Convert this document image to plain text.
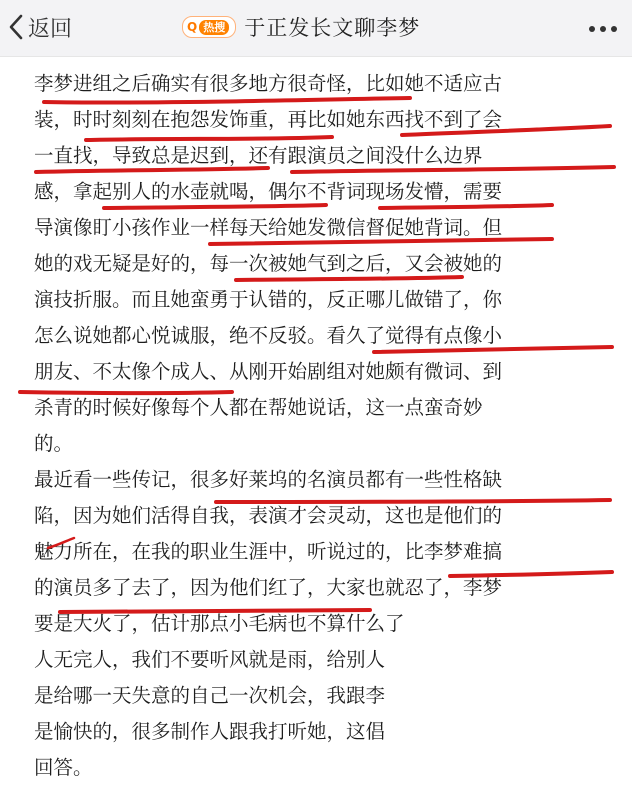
返回	Q 热搜 于正发长文聊李梦
李梦进组之后确实有很多地方很奇怪，比如她不适应古
装，时时刻刻在抱怨发饰重，再比如她东西找不到了会
一直找，导致总是迟到，还有跟演员之间没什么边界
感，拿起别人的水壶就喝，偶尔不背词现场发懵，需要
导演像盯小孩作业一样每天给她发微信督促她背词。但
她的戏无疑是好的，每一次被她气到之后，又会被她的
演技折服。而且她蛮勇于认错的，反正哪儿做错了，你
怎么说她都心悦诚服，绝不反驳。看久了觉得有点像小
朋友、不太像个成人、从刚开始剧组对她颇有微词、到
杀青的时候好像每个人都在帮她说话，这一点蛮奇妙
的。
最近看一些传记，很多好莱坞的名演员都有一些性格缺
陷，因为她们活得自我，表演才会灵动，这也是他们的
魅力所在，在我的职业生涯中，听说过的，比李梦难搞
的演员多了去了，因为他们红了，大家也就忍了，李梦
要是大火了，估计那点小毛病也不算什么了
人无完人，我们不要听风就是雨，给别人
是给哪一天失意的自己一次机会，我跟李
是愉快的，很多制作人跟我打听她，这倡
回答。
